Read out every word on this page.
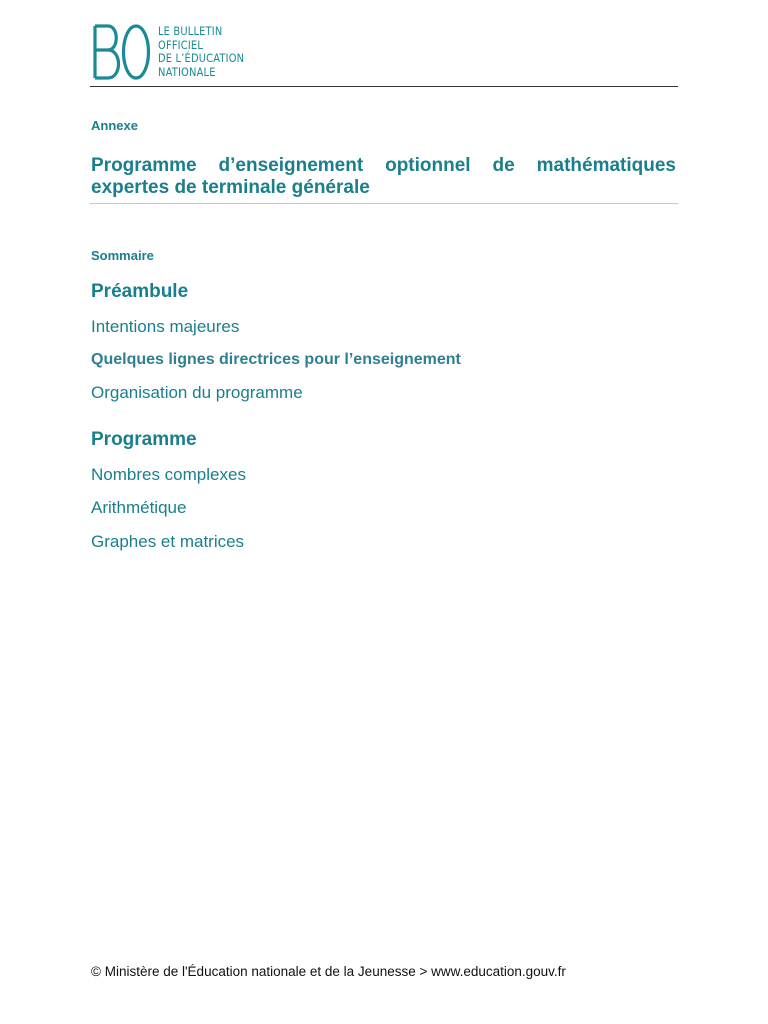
LE BULLETIN
OFFICIEL
DE L’ÉDUCATION
NATIONALE
Annexe
Programme d’enseignement optionnel de mathématiques expertes de terminale générale
Sommaire
Préambule
Intentions majeures
Quelques lignes directrices pour l’enseignement
Organisation du programme
Programme
Nombres complexes
Arithmétique
Graphes et matrices
© Ministère de l'Éducation nationale et de la Jeunesse > www.education.gouv.fr
